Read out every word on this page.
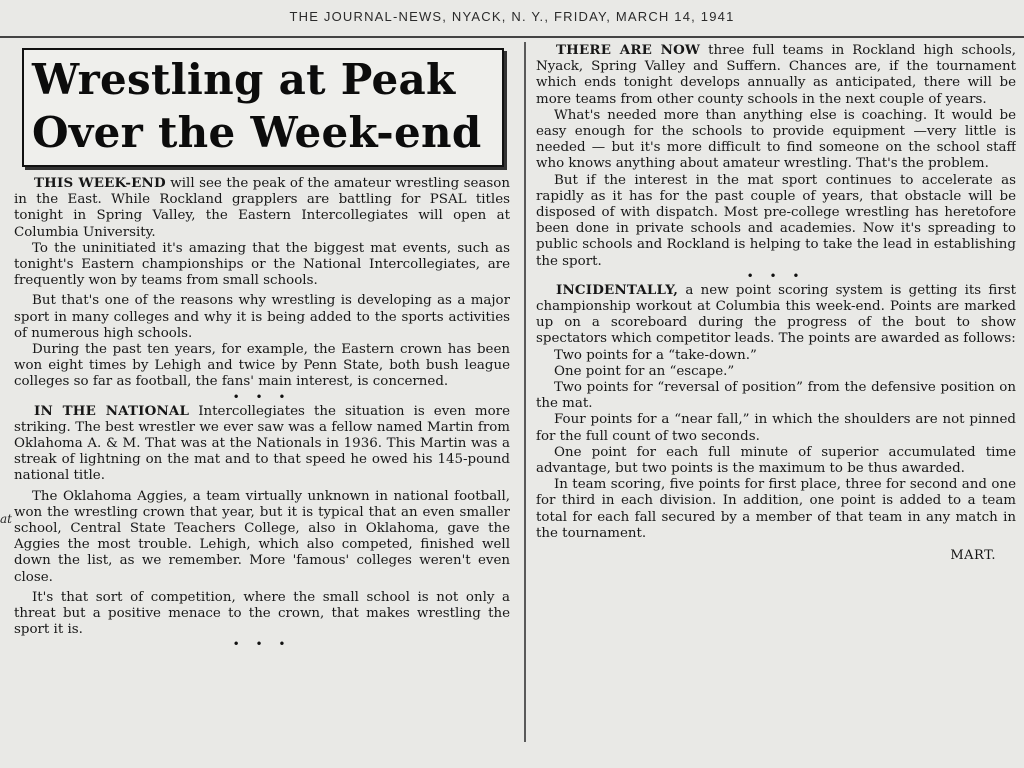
THE JOURNAL-NEWS, NYACK, N. Y., FRIDAY, MARCH 14, 1941
Wrestling at Peak
Over the Week-end

THIS WEEK-END will see the peak of the amateur wrestling season in the East. While Rockland grapplers are battling for PSAL titles tonight in Spring Valley, the Eastern Intercollegiates will open at Columbia University.

To the uninitiated it's amazing that the biggest mat events, such as tonight's Eastern championships or the National Intercollegiates, are frequently won by teams from small schools.

But that's one of the reasons why wrestling is developing as a major sport in many colleges and why it is being added to the sports activities of numerous high schools.

During the past ten years, for example, the Eastern crown has been won eight times by Lehigh and twice by Penn State, both bush league colleges so far as football, the fans' main interest, is concerned.

• • •

IN THE NATIONAL Intercollegiates the situation is even more striking. The best wrestler we ever saw was a fellow named Martin from Oklahoma A. & M. That was at the Nationals in 1936. This Martin was a streak of lightning on the mat and to that speed he owed his 145-pound national title.

The Oklahoma Aggies, a team virtually unknown in national football, won the wrestling crown that year, but it is typical that an even smaller school, Central State Teachers College, also in Oklahoma, gave the Aggies the most trouble. Lehigh, which also competed, finished well down the list, as we remember. More 'famous' colleges weren't even close.

It's that sort of competition, where the small school is not only a threat but a positive menace to the crown, that makes wrestling the sport it is.

• • •

at

THERE ARE NOW three full teams in Rockland high schools, Nyack, Spring Valley and Suffern. Chances are, if the tournament which ends tonight develops annually as anticipated, there will be more teams from other county schools in the next couple of years.

What's needed more than anything else is coaching. It would be easy enough for the schools to provide equipment —very little is needed — but it's more difficult to find someone on the school staff who knows anything about amateur wrestling. That's the problem.

But if the interest in the mat sport continues to accelerate as rapidly as it has for the past couple of years, that obstacle will be disposed of with dispatch. Most pre-college wrestling has heretofore been done in private schools and academies. Now it's spreading to public schools and Rockland is helping to take the lead in establishing the sport.

• • •

INCIDENTALLY, a new point scoring system is getting its first championship workout at Columbia this week-end. Points are marked up on a scoreboard during the progress of the bout to show spectators which competitor leads. The points are awarded as follows:

Two points for a “take-down.”

One point for an “escape.”

Two points for “reversal of position” from the defensive position on the mat.

Four points for a “near fall,” in which the shoulders are not pinned for the full count of two seconds.

One point for each full minute of superior accumulated time advantage, but two points is the maximum to be thus awarded.

In team scoring, five points for first place, three for second and one for third in each division. In addition, one point is added to a team total for each fall secured by a member of that team in any match in the tournament.

MART.
